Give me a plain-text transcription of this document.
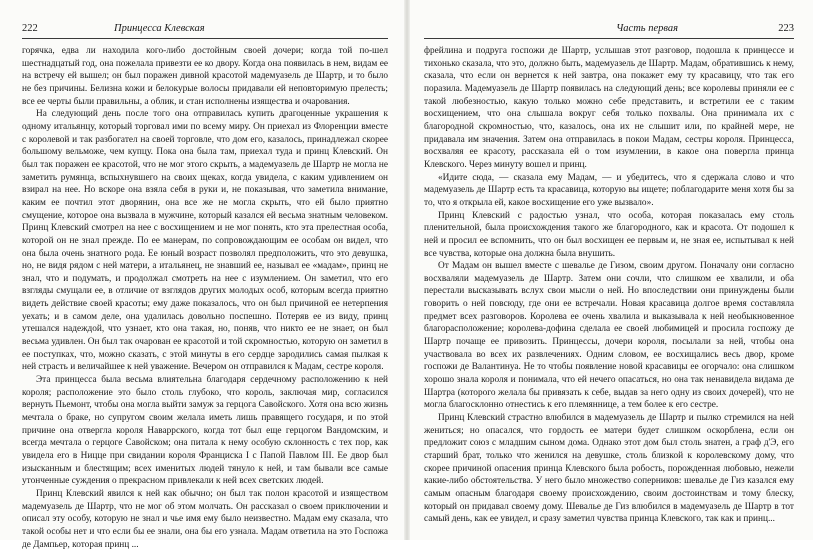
222	Принцесса Клевская

горячка, едва ли находила кого-либо достойным своей дочери; когда той по-шел шестнадцатый год, она пожелала привезти ее ко двору. Когда она появилась в нем, видам ее на встречу ей вышел; он был поражен дивной красотой мадемуазель де Шартр, и то было не без причины. Белизна кожи и белокурые волосы придавали ей неповторимую прелесть; все ее черты были правильны, а облик, и стан исполнены изящества и очарования.

На следующий день после того она отправилась купить драгоценные украшения к одному итальянцу, который торговал ими по всему миру. Он приехал из Флоренции вместе с королевой и так разбогател на своей торговле, что дом его, казалось, принадлежал скорее большому вельможе, чем купцу. Пока она была там, приехал туда и принц Клевский. Он был так поражен ее красотой, что не мог этого скрыть, а мадемуазель де Шартр не могла не заметить румянца, вспыхнувшего на своих щеках, когда увидела, с каким удивлением он взирал на нее. Но вскоре она взяла себя в руки и, не показывая, что заметила внимание, каким ее почтил этот дворянин, она все же не могла скрыть, что ей было приятно смущение, которое она вызвала в мужчине, который казался ей весьма знатным человеком. Принц Клевский смотрел на нее с восхищением и не мог понять, кто эта прелестная особа, которой он не знал прежде. По ее манерам, по сопровождающим ее особам он видел, что она была очень знатного рода. Ее юный возраст позволял предположить, что это девушка, но, не видя рядом с ней матери, а итальянец, не знавший ее, называл ее «мадам», принц не знал, что и подумать, и продолжал смотреть на нее с изумлением. Он заметил, что его взгляды смущали ее, в отличие от взглядов других молодых особ, которым всегда приятно видеть действие своей красоты; ему даже показалось, что он был причиной ее нетерпения уехать; и в самом деле, она удалилась довольно поспешно. Потеряв ее из виду, принц утешался надеждой, что узнает, кто она такая, но, поняв, что никто ее не знает, он был весьма удивлен. Он был так очарован ее красотой и той скромностью, которую он заметил в ее поступках, что, можно сказать, с этой минуты в его сердце зародились самая пылкая к ней страсть и величайшее к ней уважение. Вечером он отправился к Мадам, сестре короля.

Эта принцесса была весьма влиятельна благодаря сердечному расположению к ней короля; расположение это было столь глубоко, что король, заключая мир, согласился вернуть Пьемонт, чтобы она могла выйти замуж за герцога Савойского. Хотя она всю жизнь мечтала о браке, но супругом своим желала иметь лишь правящего государя, и по этой причине она отвергла короля Наваррского, когда тот был еще герцогом Вандомским, и всегда мечтала о герцоге Савойском; она питала к нему особую склонность с тех пор, как увидела его в Ницце при свидании короля Франциска I с Папой Павлом III. Ее двор был изысканным и блестящим; всех именитых людей тянуло к ней, и там бывали все самые утонченные суждения о прекрасном привлекали к ней всех светских людей.

Принц Клевский явился к ней как обычно; он был так полон красотой и изяществом мадемуазель де Шартр, что не мог об этом молчать. Он рассказал о своем приключении и описал эту особу, которую не знал и чье имя ему было неизвестно. Мадам ему сказала, что такой особы нет и что если бы ее знали, она бы его узнала. Мадам ответила на это Госпожа де Дампьер, которая принц ...

Часть первая	223

фрейлина и подруга госпожи де Шартр, услышав этот разговор, подошла к принцессе и тихонько сказала, что это, должно быть, мадемуазель де Шартр. Мадам, обратившись к нему, сказала, что если он вернется к ней завтра, она покажет ему ту красавицу, что так его поразила. Мадемуазель де Шартр появилась на следующий день; все королевы приняли ее с такой любезностью, какую только можно себе представить, и встретили ее с таким восхищением, что она слышала вокруг себя только похвалы. Она принимала их с благородной скромностью, что, казалось, она их не слышит или, по крайней мере, не придавала им значения. Затем она отправилась в покои Мадам, сестры короля. Принцесса, восхваляя ее красоту, рассказала ей о том изумлении, в какое она повергла принца Клевского. Через минуту вошел и принц.

«Идите сюда, — сказала ему Мадам, — и убедитесь, что я сдержала слово и что мадемуазель де Шартр есть та красавица, которую вы ищете; поблагодарите меня хотя бы за то, что я открыла ей, какое восхищение его уже вызвало».

Принц Клевский с радостью узнал, что особа, которая показалась ему столь пленительной, была происхождения такого же благородного, как и красота. От подошел к ней и просил ее вспомнить, что он был восхищен ее первым и, не зная ее, испытывал к ней все чувства, которые она должна была внушить.

От Мадам он вышел вместе с шевалье де Гизом, своим другом. Поначалу они согласно восхваляли мадемуазель де Шартр. Затем они сочли, что слишком ее хвалили, и оба перестали высказывать вслух свои мысли о ней. Но впоследствии они принуждены были говорить о ней повсюду, где они ее встречали. Новая красавица долгое время составляла предмет всех разговоров. Королева ее очень хвалила и выказывала к ней необыкновенное благорасположение; королева-дофина сделала ее своей любимицей и просила госпожу де Шартр почаще ее привозить. Принцессы, дочери короля, посылали за ней, чтобы она участвовала во всех их развлечениях. Одним словом, ее восхищались весь двор, кроме госпожи де Валантинуа. Не то чтобы появление новой красавицы ее огорчало: она слишком хорошо знала короля и понимала, что ей нечего опасаться, но она так ненавидела видама де Шартра (которого желала бы привязать к себе, выдав за него одну из своих дочерей), что не могла благосклонно отнестись к его племяннице, а тем более к его сестре.

Принц Клевский страстно влюбился в мадемуазель де Шартр и пылко стремился на ней жениться; но опасался, что гордость ее матери будет слишком оскорблена, если он предложит союз с младшим сыном дома. Однако этот дом был столь знатен, а граф д'Э, его старший брат, только что женился на девушке, столь близкой к королевскому дому, что скорее причиной опасения принца Клевского была робость, порожденная любовью, нежели какие-либо обстоятельства. У него было множество соперников: шевалье де Гиз казался ему самым опасным благодаря своему происхождению, своим достоинствам и тому блеску, который он придавал своему дому. Шевалье де Гиз влюбился в мадемуазель де Шартр в тот самый день, как ее увидел, и сразу заметил чувства принца Клевского, так как и принц...
